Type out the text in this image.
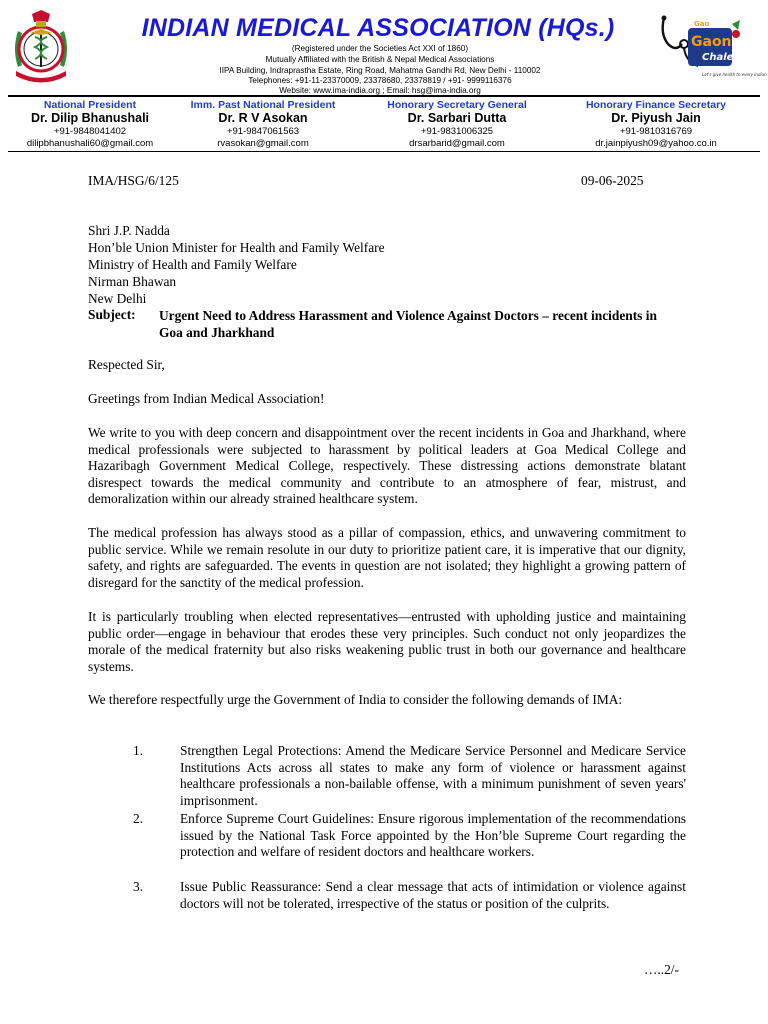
INDIAN MEDICAL ASSOCIATION (HQs.)
(Registered under the Societies Act XXI of 1860)
Mutually Affiliated with the British & Nepal Medical Associations
IIPA Building, Indraprastha Estate, Ring Road, Mahatma Gandhi Rd, New Delhi - 110002
Telephones: +91-11-23370009, 23378680, 23378819 / +91- 9999116376
Website: www.ima-india.org ; Email: hsg@ima-india.org
Gao
Gaon
Chalen
Let's give health to every Indian
National President
Dr. Dilip Bhanushali
+91-9848041402
dilipbhanushali60@gmail.com
Imm. Past National President
Dr. R V Asokan
+91-9847061563
rvasokan@gmail.com
Honorary Secretary General
Dr. Sarbari Dutta
+91-9831006325
drsarbarid@gmail.com
Honorary Finance Secretary
Dr. Piyush Jain
+91-9810316769
dr.jainpiyush09@yahoo.co.in
IMA/HSG/6/125	09-06-2025
Shri J.P. Nadda
Hon’ble Union Minister for Health and Family Welfare
Ministry of Health and Family Welfare
Nirman Bhawan
New Delhi
Subject: Urgent Need to Address Harassment and Violence Against Doctors – recent incidents in Goa and Jharkhand
Respected Sir,
Greetings from Indian Medical Association!
We write to you with deep concern and disappointment over the recent incidents in Goa and Jharkhand, where medical professionals were subjected to harassment by political leaders at Goa Medical College and Hazaribagh Government Medical College, respectively. These distressing actions demonstrate blatant disrespect towards the medical community and contribute to an atmosphere of fear, mistrust, and demoralization within our already strained healthcare system.
The medical profession has always stood as a pillar of compassion, ethics, and unwavering commitment to public service. While we remain resolute in our duty to prioritize patient care, it is imperative that our dignity, safety, and rights are safeguarded. The events in question are not isolated; they highlight a growing pattern of disregard for the sanctity of the medical profession.
It is particularly troubling when elected representatives—entrusted with upholding justice and maintaining public order—engage in behaviour that erodes these very principles. Such conduct not only jeopardizes the morale of the medical fraternity but also risks weakening public trust in both our governance and healthcare systems.
We therefore respectfully urge the Government of India to consider the following demands of IMA:
1.	Strengthen Legal Protections: Amend the Medicare Service Personnel and Medicare Service Institutions Acts across all states to make any form of violence or harassment against healthcare professionals a non-bailable offense, with a minimum punishment of seven years' imprisonment.
2.	Enforce Supreme Court Guidelines: Ensure rigorous implementation of the recommendations issued by the National Task Force appointed by the Hon’ble Supreme Court regarding the protection and welfare of resident doctors and healthcare workers.
3.	Issue Public Reassurance: Send a clear message that acts of intimidation or violence against doctors will not be tolerated, irrespective of the status or position of the culprits.
…..2/-
